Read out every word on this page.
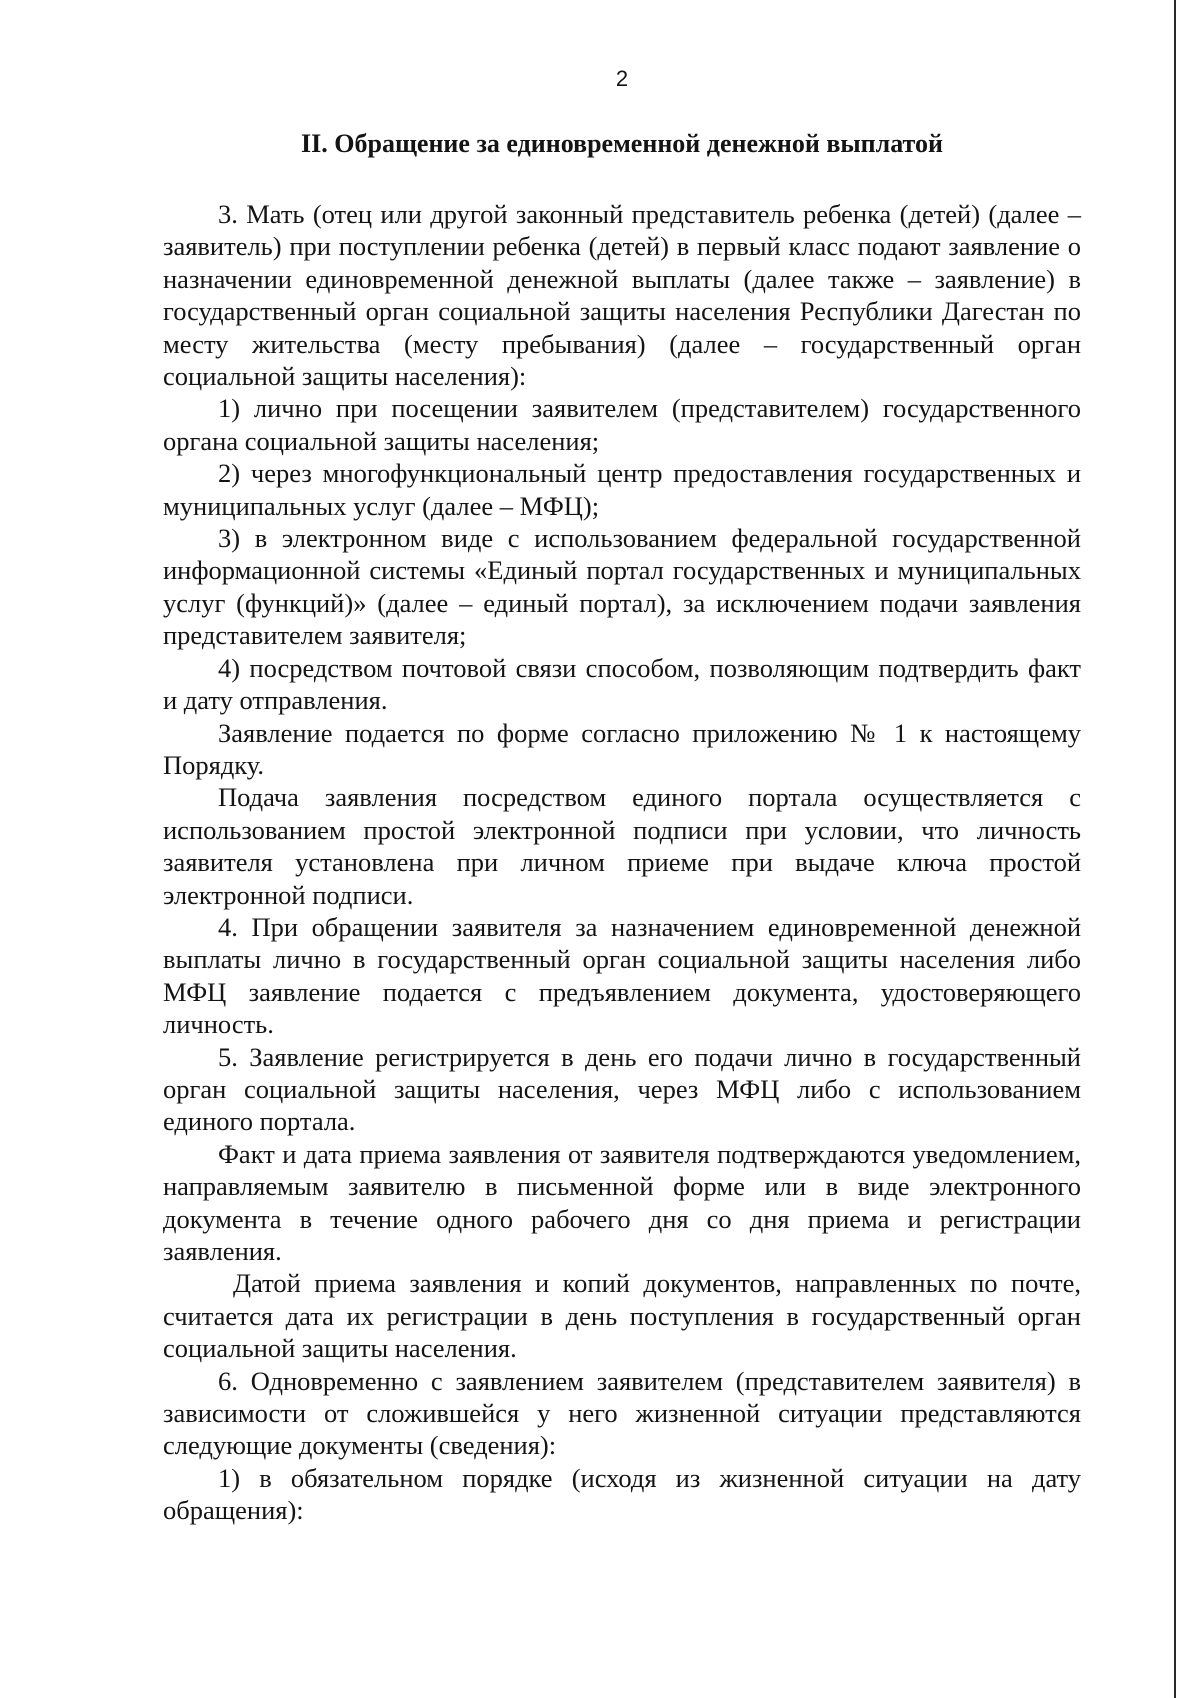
2
II. Обращение за единовременной денежной выплатой

3. Мать (отец или другой законный представитель ребенка (детей) (далее – заявитель) при поступлении ребенка (детей) в первый класс подают заявление о назначении единовременной денежной выплаты (далее также – заявление) в государственный орган социальной защиты населения Республики Дагестан по месту жительства (месту пребывания) (далее – государственный орган социальной защиты населения):

1) лично при посещении заявителем (представителем) государственного органа социальной защиты населения;

2) через многофункциональный центр предоставления государственных и муниципальных услуг (далее – МФЦ);

3) в электронном виде с использованием федеральной государственной информационной системы «Единый портал государственных и муниципальных услуг (функций)» (далее – единый портал), за исключением подачи заявления представителем заявителя;

4) посредством почтовой связи способом, позволяющим подтвердить факт и дату отправления.

Заявление подается по форме согласно приложению № 1 к настоящему Порядку.

Подача заявления посредством единого портала осуществляется с использованием простой электронной подписи при условии, что личность заявителя установлена при личном приеме при выдаче ключа простой электронной подписи.

4. При обращении заявителя за назначением единовременной денежной выплаты лично в государственный орган социальной защиты населения либо МФЦ заявление подается с предъявлением документа, удостоверяющего личность.

5. Заявление регистрируется в день его подачи лично в государственный орган социальной защиты населения, через МФЦ либо с использованием единого портала.

Факт и дата приема заявления от заявителя подтверждаются уведомлением, направляемым заявителю в письменной форме или в виде электронного документа в течение одного рабочего дня со дня приема и регистрации заявления.

Датой приема заявления и копий документов, направленных по почте, считается дата их регистрации в день поступления в государственный орган социальной защиты населения.

6. Одновременно с заявлением заявителем (представителем заявителя) в зависимости от сложившейся у него жизненной ситуации представляются следующие документы (сведения):

1) в обязательном порядке (исходя из жизненной ситуации на дату обращения):
